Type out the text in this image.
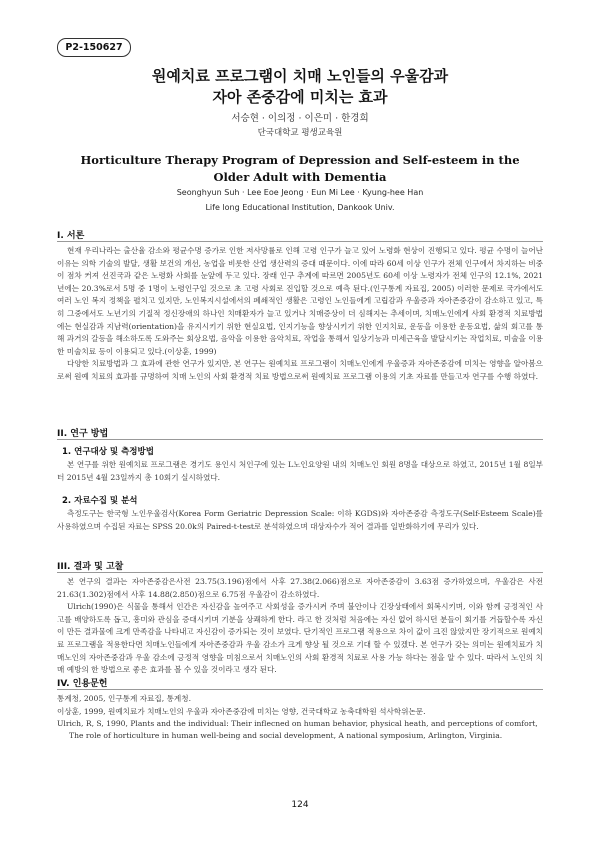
P2-150627
원예치료 프로그램이 치매 노인들의 우울감과
자아 존중감에 미치는 효과
서승현 · 이의정 · 이은미 · 한경희
단국대학교 평생교육원
Horticulture Therapy Program of Depression and Self-esteem in the
Older Adult with Dementia
Seonghyun Suh · Lee Eoe Jeong · Eun Mi Lee · Kyung-hee Han
Life long Educational Institution, Dankook Univ.
I. 서론

현재 우리나라는 출산율 감소와 평균수명 증가로 인한 저사망률로 인해 고령 인구가 늘고 있어 노령화 현상이 진행되고 있다. 평균 수명이 늘어난 이유는 의학 기술의 발달, 생활 보건의 개선, 농업을 비롯한 산업 생산력의 증대 때문이다. 이에 따라 60세 이상 인구가 전체 인구에서 차지하는 비중이 점차 커져 선진국과 같은 노령화 사회를 눈앞에 두고 있다. 장래 인구 추계에 따르면 2005년도 60세 이상 노령자가 전체 인구의 12.1%, 2021년에는 20.3%로서 5명 중 1명이 노령인구일 것으로 초 고령 사회로 진입할 것으로 예측 된다.(인구통계 자료집, 2005) 이러한 문제로 국가에서도 여러 노인 복지 정책을 펼치고 있지만, 노인복지시설에서의 폐쇄적인 생활은 고령인 노인들에게 고립감과 우울증과 자아존중감이 감소하고 있고, 특히 그중에서도 노년기의 기질적 정신장애의 하나인 치매환자가 늘고 있거나 치매증상이 더 심해지는 추세이며, 치매노인에게 사회 환경적 치료방법에는 현실감과 지남력(orientation)을 유지시키기 위한 현실요법, 인지기능을 향상시키기 위한 인지치료, 운동을 이용한 운동요법, 삶의 회고를 통해 과거의 갈등을 해소하도록 도와주는 회상요법, 음악을 이용한 음악치료, 작업을 통해서 일상기능과 미세근육을 발달시키는 작업치료, 미술을 이용한 미술치료 등이 이용되고 있다.(이상훈, 1999)

다양한 치료방법과 그 효과에 관한 연구가 있지만, 본 연구는 원예치료 프로그램이 치매노인에게 우울증과 자아존중감에 미치는 영향을 알아봄으로써 원예 치료의 효과를 규명하여 치매 노인의 사회 환경적 치료 방법으로써 원예치료 프로그램 이용의 기초 자료를 만들고자 연구를 수행 하였다.

II. 연구 방법
1. 연구대상 및 측정방법

본 연구를 위한 원예치료 프로그램은 경기도 용인시 처인구에 있는 L노인요양원 내의 치매노인 회원 8명을 대상으로 하였고, 2015년 1월 8일부터 2015년 4월 23일까지 총 10회기 실시하였다.

2. 자료수집 및 분석

측정도구는 한국형 노인우울검사(Korea Form Geriatric Depression Scale: 이하 KGDS)와 자아존중감 측정도구(Self-Esteem Scale)를 사용하였으며 수집된 자료는 SPSS 20.0k의 Paired-t-test로 분석하였으며 대상자수가 적어 결과를 일반화하기에 무리가 있다.

III. 결과 및 고찰

본 연구의 결과는 자아존중감은사전 23.75(3.196)점에서 사후 27.38(2.066)점으로 자아존중감이 3.63점 증가하였으며, 우울감은 사전 21.63(1.302)점에서 사후 14.88(2.850)점으로 6.75점 우울감이 감소하였다.

Ulrich(1990)은 식물을 통해서 인간은 자신감을 높여주고 사회성을 증가시켜 주며 불안이나 긴장상태에서 회복시키며, 이와 함께 긍정적인 사고를 배양하도록 돕고, 흥미와 관심을 증대시키며 기분을 상쾌하게 한다. 라고 한 것처럼 처음에는 자신 없어 하시던 분들이 회기를 거듭할수록 자신이 만든 결과물에 크게 만족감을 나타내고 자신감이 증가되는 것이 보였다. 단기적인 프로그램 적용으로 차이 값이 크진 않았지만 장기적으로 원예치료 프로그램을 적용한다면 치매노인들에게 자아존중감과 우울 감소가 크게 향상 될 것으로 기대 할 수 있겠다. 본 연구가 갖는 의미는 원예치료가 치매노인의 자아존중감과 우울 감소에 긍정적 영향을 미침으로서 치매노인의 사회 환경적 치료로 사용 가능 하다는 점을 알 수 있다. 따라서 노인의 치매 예방의 한 방법으로 좋은 효과를 볼 수 있을 것이라고 생각 된다.

IV. 인용문헌

통계청, 2005, 인구통계 자료집, 통계청.

이상훈, 1999, 원예치료가 치매노인의 우울과 자아존중감에 미치는 영향, 건국대학교 농축대학원 석사학위논문.

Ulrich, R, S, 1990, Plants and the individual: Their inflecned on human behavior, physical heath, and perceptions of comfort, The role of horticulture in human well-being and social development, A national symposium, Arlington, Virginia.

124
